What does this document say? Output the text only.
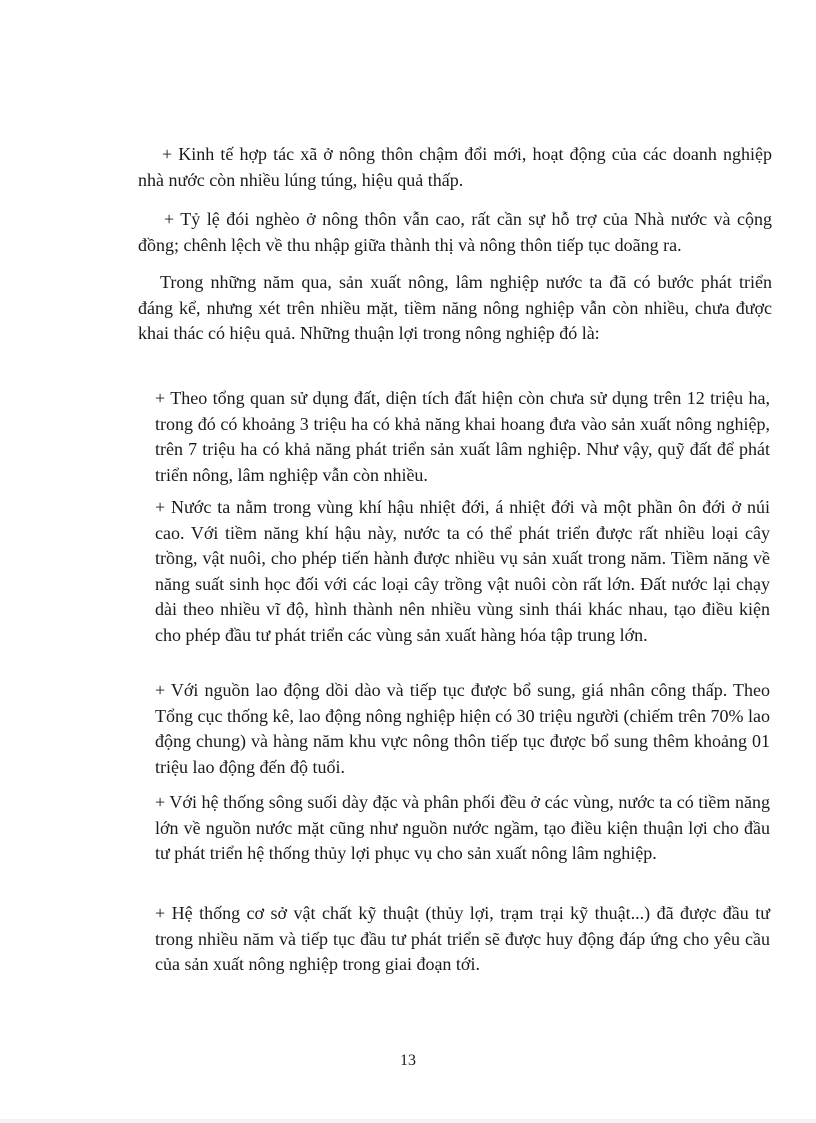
+ Kinh tế hợp tác xã ở nông thôn chậm đổi mới, hoạt động của các doanh nghiệp nhà nước còn nhiều lúng túng, hiệu quả thấp.

+ Tỷ lệ đói nghèo ở nông thôn vẫn cao, rất cần sự hỗ trợ của Nhà nước và cộng đồng; chênh lệch về thu nhập giữa thành thị và nông thôn tiếp tục doãng ra.

Trong những năm qua, sản xuất nông, lâm nghiệp nước ta đã có bước phát triển đáng kể, nhưng xét trên nhiều mặt, tiềm năng nông nghiệp vẫn còn nhiều, chưa được khai thác có hiệu quả. Những thuận lợi trong nông nghiệp đó là:

+ Theo tổng quan sử dụng đất, diện tích đất hiện còn chưa sử dụng trên 12 triệu ha, trong đó có khoảng 3 triệu ha có khả năng khai hoang đưa vào sản xuất nông nghiệp, trên 7 triệu ha có khả năng phát triển sản xuất lâm nghiệp. Như vậy, quỹ đất để phát triển nông, lâm nghiệp vẫn còn nhiều.

+ Nước ta nằm trong vùng khí hậu nhiệt đới, á nhiệt đới và một phần ôn đới ở núi cao. Với tiềm năng khí hậu này, nước ta có thể phát triển được rất nhiều loại cây trồng, vật nuôi, cho phép tiến hành được nhiều vụ sản xuất trong năm. Tiềm năng về năng suất sinh học đối với các loại cây trồng vật nuôi còn rất lớn. Đất nước lại chạy dài theo nhiều vĩ độ, hình thành nên nhiều vùng sinh thái khác nhau, tạo điều kiện cho phép đầu tư phát triển các vùng sản xuất hàng hóa tập trung lớn.

+ Với nguồn lao động dồi dào và tiếp tục được bổ sung, giá nhân công thấp. Theo Tổng cục thống kê, lao động nông nghiệp hiện có 30 triệu người (chiếm trên 70% lao động chung) và hàng năm khu vực nông thôn tiếp tục được bổ sung thêm khoảng 01 triệu lao động đến độ tuổi.

+ Với hệ thống sông suối dày đặc và phân phối đều ở các vùng, nước ta có tiềm năng lớn về nguồn nước mặt cũng như nguồn nước ngầm, tạo điều kiện thuận lợi cho đầu tư phát triển hệ thống thủy lợi phục vụ cho sản xuất nông lâm nghiệp.

+ Hệ thống cơ sở vật chất kỹ thuật (thủy lợi, trạm trại kỹ thuật...) đã được đầu tư trong nhiều năm và tiếp tục đầu tư phát triển sẽ được huy động đáp ứng cho yêu cầu của sản xuất nông nghiệp trong giai đoạn tới.

13
